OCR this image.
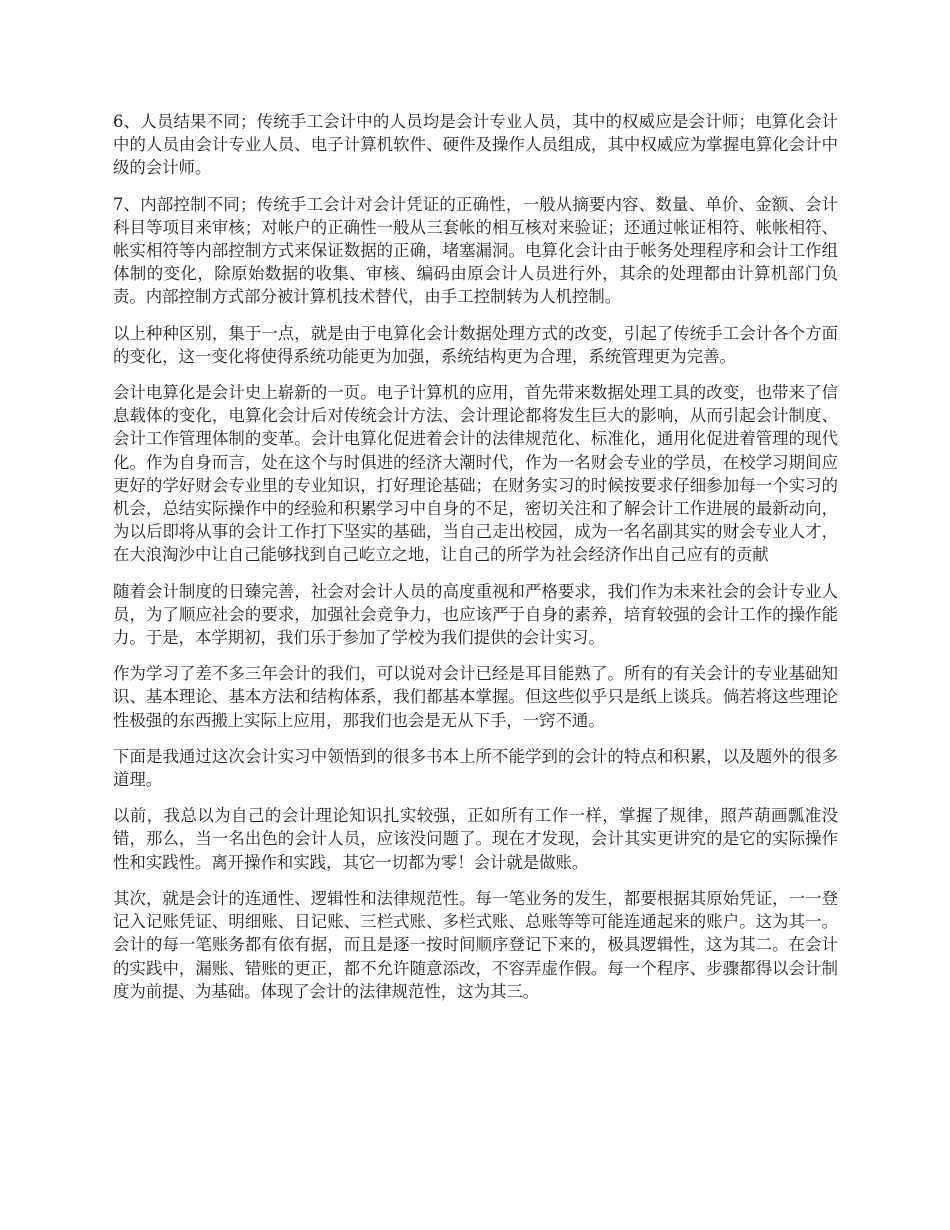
6、人员结果不同；传统手工会计中的人员均是会计专业人员，其中的权威应是会计师；电算化会计中的人员由会计专业人员、电子计算机软件、硬件及操作人员组成，其中权威应为掌握电算化会计中级的会计师。

7、内部控制不同；传统手工会计对会计凭证的正确性，一般从摘要内容、数量、单价、金额、会计科目等项目来审核；对帐户的正确性一般从三套帐的相互核对来验证；还通过帐证相符、帐帐相符、帐实相符等内部控制方式来保证数据的正确，堵塞漏洞。电算化会计由于帐务处理程序和会计工作组体制的变化，除原始数据的收集、审核、编码由原会计人员进行外，其余的处理都由计算机部门负责。内部控制方式部分被计算机技术替代，由手工控制转为人机控制。

以上种种区别，集于一点，就是由于电算化会计数据处理方式的改变，引起了传统手工会计各个方面的变化，这一变化将使得系统功能更为加强，系统结构更为合理，系统管理更为完善。

会计电算化是会计史上崭新的一页。电子计算机的应用，首先带来数据处理工具的改变，也带来了信息载体的变化，电算化会计后对传统会计方法、会计理论都将发生巨大的影响，从而引起会计制度、会计工作管理体制的变革。会计电算化促进着会计的法律规范化、标准化，通用化促进着管理的现代化。作为自身而言，处在这个与时俱进的经济大潮时代，作为一名财会专业的学员，在校学习期间应更好的学好财会专业里的专业知识，打好理论基础；在财务实习的时候按要求仔细参加每一个实习的机会，总结实际操作中的经验和积累学习中自身的不足，密切关注和了解会计工作进展的最新动向，为以后即将从事的会计工作打下坚实的基础，当自己走出校园，成为一名名副其实的财会专业人才，在大浪淘沙中让自己能够找到自己屹立之地，让自己的所学为社会经济作出自己应有的贡献

随着会计制度的日臻完善，社会对会计人员的高度重视和严格要求，我们作为未来社会的会计专业人员，为了顺应社会的要求，加强社会竞争力，也应该严于自身的素养，培育较强的会计工作的操作能力。于是，本学期初，我们乐于参加了学校为我们提供的会计实习。

作为学习了差不多三年会计的我们，可以说对会计已经是耳目能熟了。所有的有关会计的专业基础知识、基本理论、基本方法和结构体系，我们都基本掌握。但这些似乎只是纸上谈兵。倘若将这些理论性极强的东西搬上实际上应用，那我们也会是无从下手，一窍不通。

下面是我通过这次会计实习中领悟到的很多书本上所不能学到的会计的特点和积累，以及题外的很多道理。

以前，我总以为自己的会计理论知识扎实较强，正如所有工作一样，掌握了规律，照芦葫画瓢准没错，那么，当一名出色的会计人员，应该没问题了。现在才发现，会计其实更讲究的是它的实际操作性和实践性。离开操作和实践，其它一切都为零！会计就是做账。

其次，就是会计的连通性、逻辑性和法律规范性。每一笔业务的发生，都要根据其原始凭证，一一登记入记账凭证、明细账、日记账、三栏式账、多栏式账、总账等等可能连通起来的账户。这为其一。会计的每一笔账务都有依有据，而且是逐一按时间顺序登记下来的，极具逻辑性，这为其二。在会计的实践中，漏账、错账的更正，都不允许随意添改，不容弄虚作假。每一个程序、步骤都得以会计制度为前提、为基础。体现了会计的法律规范性，这为其三。
